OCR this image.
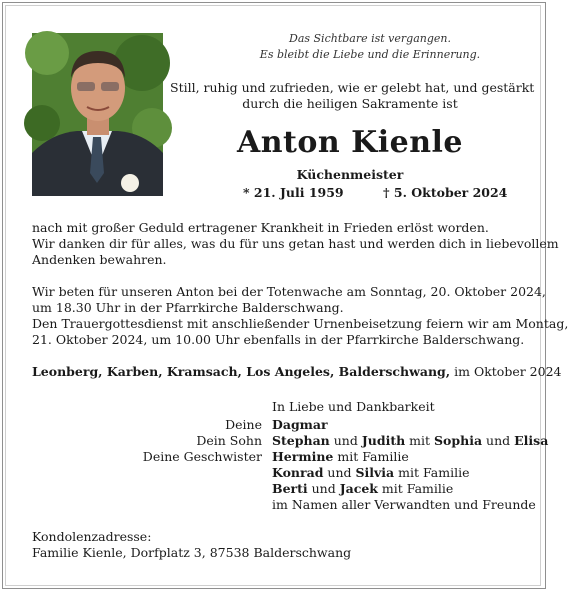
Das Sichtbare ist vergangen.
Es bleibt die Liebe und die Erinnerung.
Still, ruhig und zufrieden, wie er gelebt hat, und gestärkt
durch die heiligen Sakramente ist
Anton Kienle
Küchenmeister
* 21. Juli 1959	† 5. Oktober 2024
nach mit großer Geduld ertragener Krankheit in Frieden erlöst worden.
Wir danken dir für alles, was du für uns getan hast und werden dich in liebevollem
Andenken bewahren.
Wir beten für unseren Anton bei der Totenwache am Sonntag, 20. Oktober 2024,
um 18.30 Uhr in der Pfarrkirche Balderschwang.
Den Trauergottesdienst mit anschließender Urnenbeisetzung feiern wir am Montag,
21. Oktober 2024, um 10.00 Uhr ebenfalls in der Pfarrkirche Balderschwang.
Leonberg, Karben, Kramsach, Los Angeles, Balderschwang, im Oktober 2024
In Liebe und Dankbarkeit
Deine Dagmar
Dein Sohn Stephan und Judith mit Sophia und Elisa
Deine Geschwister Hermine mit Familie
Konrad und Silvia mit Familie
Berti und Jacek mit Familie
im Namen aller Verwandten und Freunde
Kondolenzadresse:
Familie Kienle, Dorfplatz 3, 87538 Balderschwang
